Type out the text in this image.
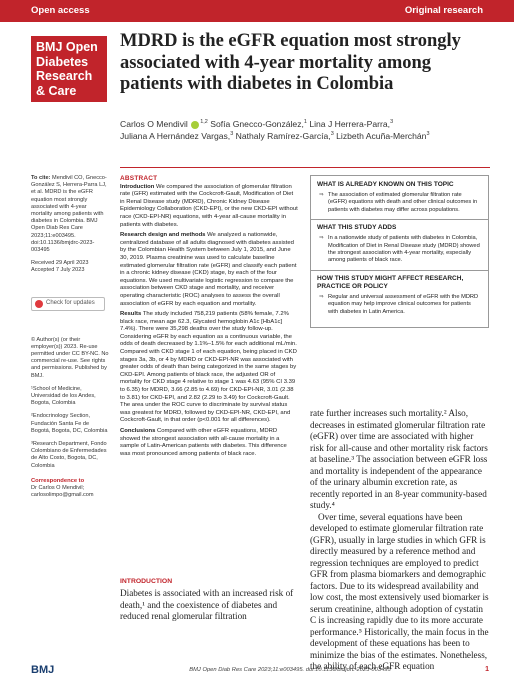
Open access	Original research
BMJ Open
Diabetes
Research
& Care
MDRD is the eGFR equation most strongly associated with 4-year mortality among patients with diabetes in Colombia
Carlos O Mendivil $^{1,2}$ Sofía Gnecco-González,$^1$ Lina J Herrera-Parra,$^3$
Juliana A Hernández Vargas,$^3$ Nathaly Ramírez-García,$^3$ Lizbeth Acuña-Merchán$^3$

To cite: Mendivil CO, Gnecco-González S, Herrera-Parra LJ, et al. MDRD is the eGFR equation most strongly associated with 4-year mortality among patients with diabetes in Colombia. BMJ Open Diab Res Care 2023;11:e003495. doi:10.1136/bmjdrc-2023-003495

Received 29 April 2023
Accepted 7 July 2023

Check for updates

© Author(s) (or their employer(s)) 2023. Re-use permitted under CC BY-NC. No commercial re-use. See rights and permissions. Published by BMJ.

¹School of Medicine, Universidad de los Andes, Bogota, Colombia

²Endocrinology Section, Fundación Santa Fe de Bogotá, Bogota, DC, Colombia

³Research Department, Fondo Colombiano de Enfermedades de Alto Costo, Bogota, DC, Colombia

Correspondence to
Dr Carlos O Mendivil;
carlosolimpo@gmail.com
ABSTRACT

Introduction We compared the association of glomerular filtration rate (GFR) estimated with the Cockcroft-Gault, Modification of Diet in Renal Disease study (MDRD), Chronic Kidney Disease Epidemiology Collaboration (CKD-EPI), or the new CKD-EPI without race (CKD-EPI-NR) equations, with 4-year all-cause mortality in patients with diabetes.

Research design and methods We analyzed a nationwide, centralized database of all adults diagnosed with diabetes assisted by the Colombian Health System between July 1, 2015, and June 30, 2019. Plasma creatinine was used to calculate baseline estimated glomerular filtration rate (eGFR) and classify each patient in a chronic kidney disease (CKD) stage, by each of the four equations. We used multivariate logistic regression to compare the association between CKD stage and mortality, and receiver operating characteristic (ROC) analyses to assess the overall association of eGFR by each equation and mortality.

Results The study included 758,219 patients (58% female, 7.2% black race, mean age 62.3, Glycated hemoglobin A1c [HbA1c] 7.4%). There were 35,298 deaths over the study follow-up. Considering eGFR by each equation as a continuous variable, the odds of death decreased by 1.1%–1.5% for each additional mL/min. Compared with CKD stage 1 of each equation, being placed in CKD stages 3a, 3b, or 4 by MDRD or CKD-EPI-NR was associated with greater odds of death than being categorized in the same stages by CKD-EPI. Among patients of black race, the adjusted OR of mortality for CKD stage 4 relative to stage 1 was 4.63 (95% CI 3.39 to 6.35) for MDRD, 3.66 (2.85 to 4.69) for CKD-EPI-NR, 3.01 (2.38 to 3.81) for CKD-EPI, and 2.82 (2.29 to 3.49) for Cockcroft-Gault. The area under the ROC curve to discriminate by survival status was greatest for MDRD, followed by CKD-EPI-NR, CKD-EPI, and Cockcroft-Gault, in that order (p<0.001 for all differences).

Conclusions Compared with other eGFR equations, MDRD showed the strongest association with all-cause mortality in a sample of Latin-American patients with diabetes. This difference was most pronounced among patients of black race.

WHAT IS ALREADY KNOWN ON THIS TOPIC
⇒ The association of estimated glomerular filtration rate (eGFR) equations with death and other clinical outcomes in patients with diabetes may differ across populations.
WHAT THIS STUDY ADDS
⇒ In a nationwide study of patients with diabetes in Colombia, Modification of Diet in Renal Disease study (MDRD) showed the strongest association with 4-year mortality, especially among patients of black race.
HOW THIS STUDY MIGHT AFFECT RESEARCH, PRACTICE OR POLICY
⇒ Regular and universal assessment of eGFR with the MDRD equation may help improve clinical outcomes for patients with diabetes in Latin America.
INTRODUCTION
Diabetes is associated with an increased risk of death,¹ and the coexistence of diabetes and reduced renal glomerular filtration

rate further increases such mortality.² Also, decreases in estimated glomerular filtration rate (eGFR) over time are associated with higher risk for all-cause and other mortality risk factors at baseline.³ The association between eGFR loss and mortality is independent of the appearance of the urinary albumin excretion rate, as recently reported in an 8-year community-based study.⁴

Over time, several equations have been developed to estimate glomerular filtration rate (GFR), usually in large studies in which GFR is directly measured by a reference method and regression techniques are employed to predict GFR from plasma biomarkers and demographic factors. Due to its widespread availability and low cost, the most extensively used biomarker is serum creatinine, although adoption of cystatin C is increasing rapidly due to its more accurate performance.⁵ Historically, the main focus in the development of these equations has been to minimize the bias of the estimates. Nonetheless, the ability of each eGFR equation

BMJ	BMJ Open Diab Res Care 2023;11:e003495. doi:10.1136/bmjdrc-2023-003495	1
